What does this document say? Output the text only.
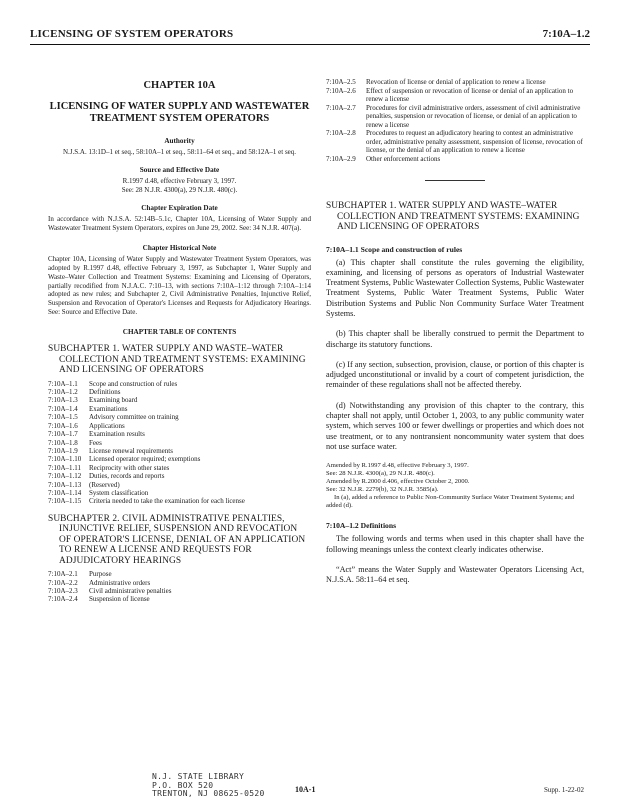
LICENSING OF SYSTEM OPERATORS	7:10A–1.2
CHAPTER 10A
LICENSING OF WATER SUPPLY AND WASTEWATER TREATMENT SYSTEM OPERATORS
Authority
N.J.S.A. 13:1D–1 et seq., 58:10A–1 et seq., 58:11–64 et seq., and 58:12A–1 et seq.
Source and Effective Date
R.1997 d.48, effective February 3, 1997.
See: 28 N.J.R. 4300(a), 29 N.J.R. 480(c).
Chapter Expiration Date

In accordance with N.J.S.A. 52:14B–5.1c, Chapter 10A, Licensing of Water Supply and Wastewater Treatment System Operators, expires on June 29, 2002. See: 34 N.J.R. 407(a).

Chapter Historical Note

Chapter 10A, Licensing of Water Supply and Wastewater Treatment System Operators, was adopted by R.1997 d.48, effective February 3, 1997, as Subchapter 1, Water Supply and Waste–Water Collection and Treatment Systems: Examining and Licensing of Operators, partially recodified from N.J.A.C. 7:10–13, with sections 7:10A–1:12 through 7:10A–1:14 adopted as new rules; and Subchapter 2, Civil Administrative Penalties, Injunctive Relief, Suspension and Revocation of Operator's Licenses and Requests for Adjudicatory Hearings. See: Source and Effective Date.

CHAPTER TABLE OF CONTENTS
SUBCHAPTER 1. WATER SUPPLY AND WASTE–WATER COLLECTION AND TREATMENT SYSTEMS: EXAMINING AND LICENSING OF OPERATORS
7:10A–1.1	Scope and construction of rules
7:10A–1.2	Definitions
7:10A–1.3	Examining board
7:10A–1.4	Examinations
7:10A–1.5	Advisory committee on training
7:10A–1.6	Applications
7:10A–1.7	Examination results
7:10A–1.8	Fees
7:10A–1.9	License renewal requirements
7:10A–1.10	Licensed operator required; exemptions
7:10A–1.11	Reciprocity with other states
7:10A–1.12	Duties, records and reports
7:10A–1.13	(Reserved)
7:10A–1.14	System classification
7:10A–1.15	Criteria needed to take the examination for each license
SUBCHAPTER 2. CIVIL ADMINISTRATIVE PENALTIES, INJUNCTIVE RELIEF, SUSPENSION AND REVOCATION OF OPERATOR'S LICENSE, DENIAL OF AN APPLICATION TO RENEW A LICENSE AND REQUESTS FOR ADJUDICATORY HEARINGS
7:10A–2.1	Purpose
7:10A–2.2	Administrative orders
7:10A–2.3	Civil administrative penalties
7:10A–2.4	Suspension of license
7:10A–2.5	Revocation of license or denial of application to renew a license
7:10A–2.6	Effect of suspension or revocation of license or denial of an application to renew a license
7:10A–2.7	Procedures for civil administrative orders, assessment of civil administrative penalties, suspension or revocation of license, or denial of an application to renew a license
7:10A–2.8	Procedures to request an adjudicatory hearing to contest an administrative order, administrative penalty assessment, suspension of license, revocation of license, or the denial of an application to renew a license
7:10A–2.9	Other enforcement actions
SUBCHAPTER 1. WATER SUPPLY AND WASTE–WATER COLLECTION AND TREATMENT SYSTEMS: EXAMINING AND LICENSING OF OPERATORS
7:10A–1.1 Scope and construction of rules

(a) This chapter shall constitute the rules governing the eligibility, examining, and licensing of persons as operators of Industrial Wastewater Treatment Systems, Public Wastewater Collection Systems, Public Wastewater Treatment Systems, Public Water Treatment Systems, Public Water Distribution Systems and Public Non Community Surface Water Treatment Systems.

(b) This chapter shall be liberally construed to permit the Department to discharge its statutory functions.

(c) If any section, subsection, provision, clause, or portion of this chapter is adjudged unconstitutional or invalid by a court of competent jurisdiction, the remainder of these regulations shall not be affected thereby.

(d) Notwithstanding any provision of this chapter to the contrary, this chapter shall not apply, until October 1, 2003, to any public community water system, which serves 100 or fewer dwellings or properties and which does not use treatment, or to any nontransient noncommunity water system that does not use surface water.

Amended by R.1997 d.48, effective February 3, 1997.
See: 28 N.J.R. 4300(a), 29 N.J.R. 480(c).
Amended by R.2000 d.406, effective October 2, 2000.
See: 32 N.J.R. 2279(b), 32 N.J.R. 3585(a).
In (a), added a reference to Public Non-Community Surface Water Treatment Systems; and added (d).
7:10A–1.2 Definitions

The following words and terms when used in this chapter shall have the following meanings unless the context clearly indicates otherwise.

“Act” means the Water Supply and Wastewater Operators Licensing Act, N.J.S.A. 58:11–64 et seq.

N.J. STATE LIBRARY
P.O. BOX 520
TRENTON, NJ 08625-0520	10A-1	Supp. 1-22-02
